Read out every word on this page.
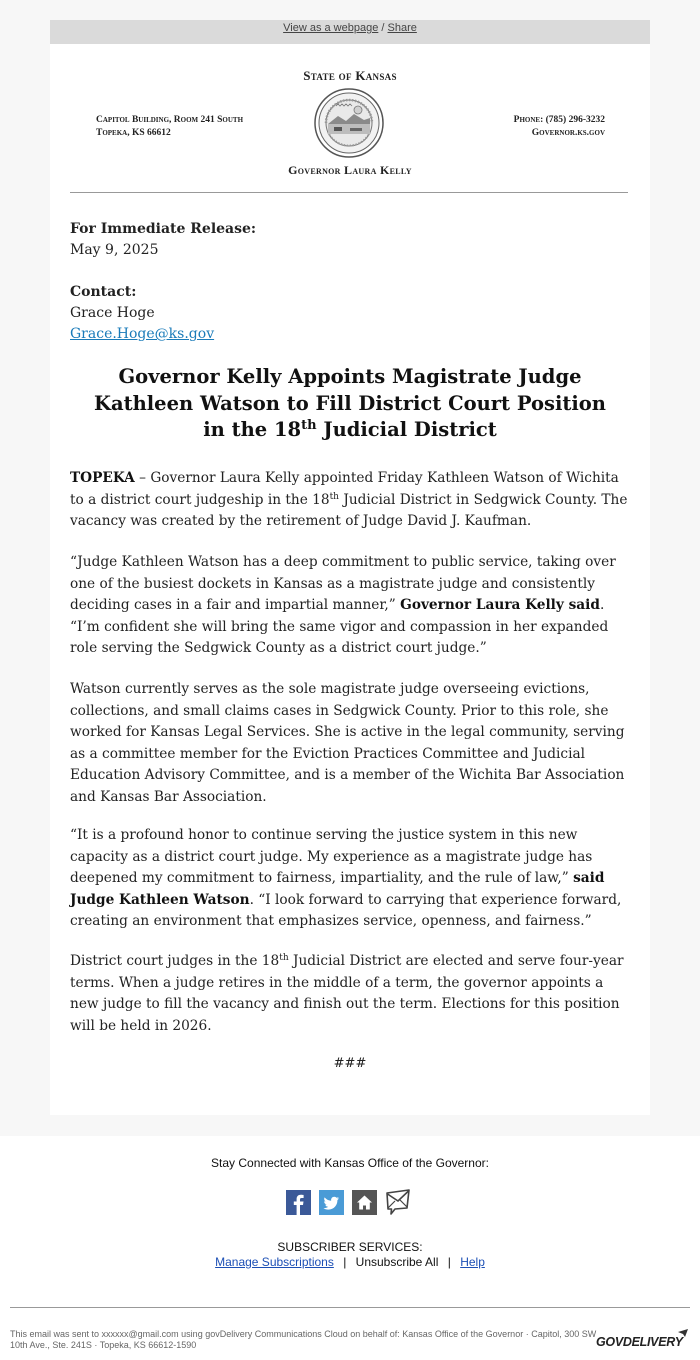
View as a webpage / Share
State of Kansas
Capitol Building, Room 241 South
Topeka, KS 66612
Phone: (785) 296-3232
Governor.ks.gov
Governor Laura Kelly
For Immediate Release:
May 9, 2025
Contact:
Grace Hoge
Grace.Hoge@ks.gov
Governor Kelly Appoints Magistrate Judge
Kathleen Watson to Fill District Court Position
in the 18th Judicial District
TOPEKA – Governor Laura Kelly appointed Friday Kathleen Watson of Wichita to a district court judgeship in the 18th Judicial District in Sedgwick County. The vacancy was created by the retirement of Judge David J. Kaufman.
“Judge Kathleen Watson has a deep commitment to public service, taking over one of the busiest dockets in Kansas as a magistrate judge and consistently deciding cases in a fair and impartial manner,” Governor Laura Kelly said. “I’m confident she will bring the same vigor and compassion in her expanded role serving the Sedgwick County as a district court judge.”
Watson currently serves as the sole magistrate judge overseeing evictions, collections, and small claims cases in Sedgwick County. Prior to this role, she worked for Kansas Legal Services. She is active in the legal community, serving as a committee member for the Eviction Practices Committee and Judicial Education Advisory Committee, and is a member of the Wichita Bar Association and Kansas Bar Association.
“It is a profound honor to continue serving the justice system in this new capacity as a district court judge. My experience as a magistrate judge has deepened my commitment to fairness, impartiality, and the rule of law,” said Judge Kathleen Watson. “I look forward to carrying that experience forward, creating an environment that emphasizes service, openness, and fairness.”
District court judges in the 18th Judicial District are elected and serve four-year terms. When a judge retires in the middle of a term, the governor appoints a new judge to fill the vacancy and finish out the term. Elections for this position will be held in 2026.
###
Stay Connected with Kansas Office of the Governor:
SUBSCRIBER SERVICES:
Manage Subscriptions | Unsubscribe All | Help
This email was sent to xxxxxx@gmail.com using govDelivery Communications Cloud on behalf of: Kansas Office of the Governor · Capitol, 300 SW 10th Ave., Ste. 241S · Topeka, KS 66612-1590	GOVDELIVERY
